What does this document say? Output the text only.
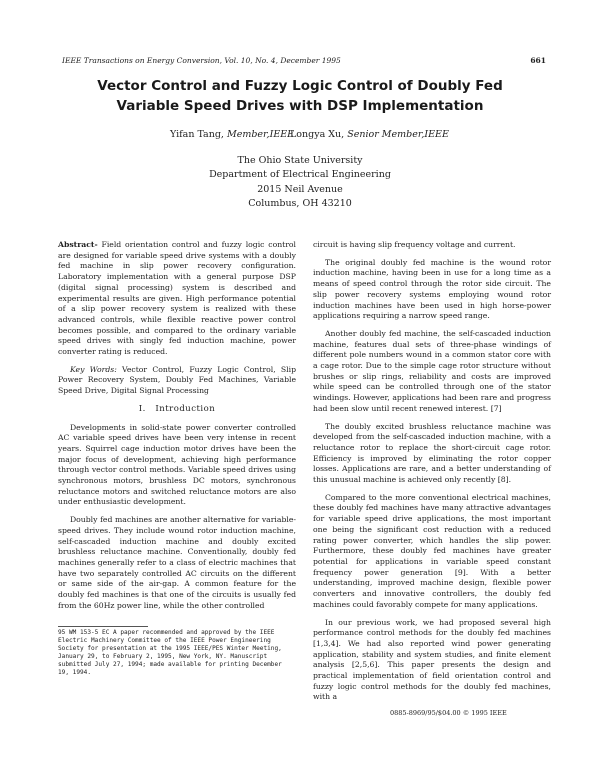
IEEE Transactions on Energy Conversion, Vol. 10, No. 4, December 1995	661
Vector Control and Fuzzy Logic Control of Doubly Fed
Variable Speed Drives with DSP Implementation
Yifan Tang, Member,IEEE
Longya Xu, Senior Member,IEEE
The Ohio State University
Department of Electrical Engineering
2015 Neil Avenue
Columbus, OH 43210

Abstract- Field orientation control and fuzzy logic control are designed for variable speed drive systems with a doubly fed machine in slip power recovery configuration. Laboratory implementation with a general purpose DSP (digital signal processing) system is described and experimental results are given. High performance potential of a slip power recovery system is realized with these advanced controls, while flexible reactive power control becomes possible, and compared to the ordinary variable speed drives with singly fed induction machine, power converter rating is reduced.

Key Words: Vector Control, Fuzzy Logic Control, Slip Power Recovery System, Doubly Fed Machines, Variable Speed Drive, Digital Signal Processing

I. Introduction

Developments in solid-state power converter controlled AC variable speed drives have been very intense in recent years. Squirrel cage induction motor drives have been the major focus of development, achieving high performance through vector control methods. Variable speed drives using synchronous motors, brushless DC motors, synchronous reluctance motors and switched reluctance motors are also under enthusiastic development.

Doubly fed machines are another alternative for variable-speed drives. They include wound rotor induction machine, self-cascaded induction machine and doubly excited brushless reluctance machine. Conventionally, doubly fed machines generally refer to a class of electric machines that have two separately controlled AC circuits on the different or same side of the air-gap. A common feature for the doubly fed machines is that one of the circuits is usually fed from the 60Hz power line, while the other controlled

circuit is having slip frequency voltage and current.

The original doubly fed machine is the wound rotor induction machine, having been in use for a long time as a means of speed control through the rotor side circuit. The slip power recovery systems employing wound rotor induction machines have been used in high horse-power applications requiring a narrow speed range.

Another doubly fed machine, the self-cascaded induction machine, features dual sets of three-phase windings of different pole numbers wound in a common stator core with a cage rotor. Due to the simple cage rotor structure without brushes or slip rings, reliability and costs are improved while speed can be controlled through one of the stator windings. However, applications had been rare and progress had been slow until recent renewed interest. [7]

The doubly excited brushless reluctance machine was developed from the self-cascaded induction machine, with a reluctance rotor to replace the short-circuit cage rotor. Efficiency is improved by eliminating the rotor copper losses. Applications are rare, and a better understanding of this unusual machine is achieved only recently [8].

Compared to the more conventional electrical machines, these doubly fed machines have many attractive advantages for variable speed drive applications, the most important one being the significant cost reduction with a reduced rating power converter, which handles the slip power. Furthermore, these doubly fed machines have greater potential for applications in variable speed constant frequency power generation [9]. With a better understanding, improved machine design, flexible power converters and innovative controllers, the doubly fed machines could favorably compete for many applications.

In our previous work, we had proposed several high performance control methods for the doubly fed machines [1,3,4]. We had also reported wind power generating application, stability and system studies, and finite element analysis [2,5,6]. This paper presents the design and practical implementation of field orientation control and fuzzy logic control methods for the doubly fed machines, with a

95 WM 153-5 EC A paper recommended and approved by the IEEE Electric Machinery Committee of the IEEE Power Engineering Society for presentation at the 1995 IEEE/PES Winter Meeting, January 29, to February 2, 1995, New York, NY. Manuscript submitted July 27, 1994; made available for printing December 19, 1994.
0885-8969/95/$04.00 © 1995 IEEE
